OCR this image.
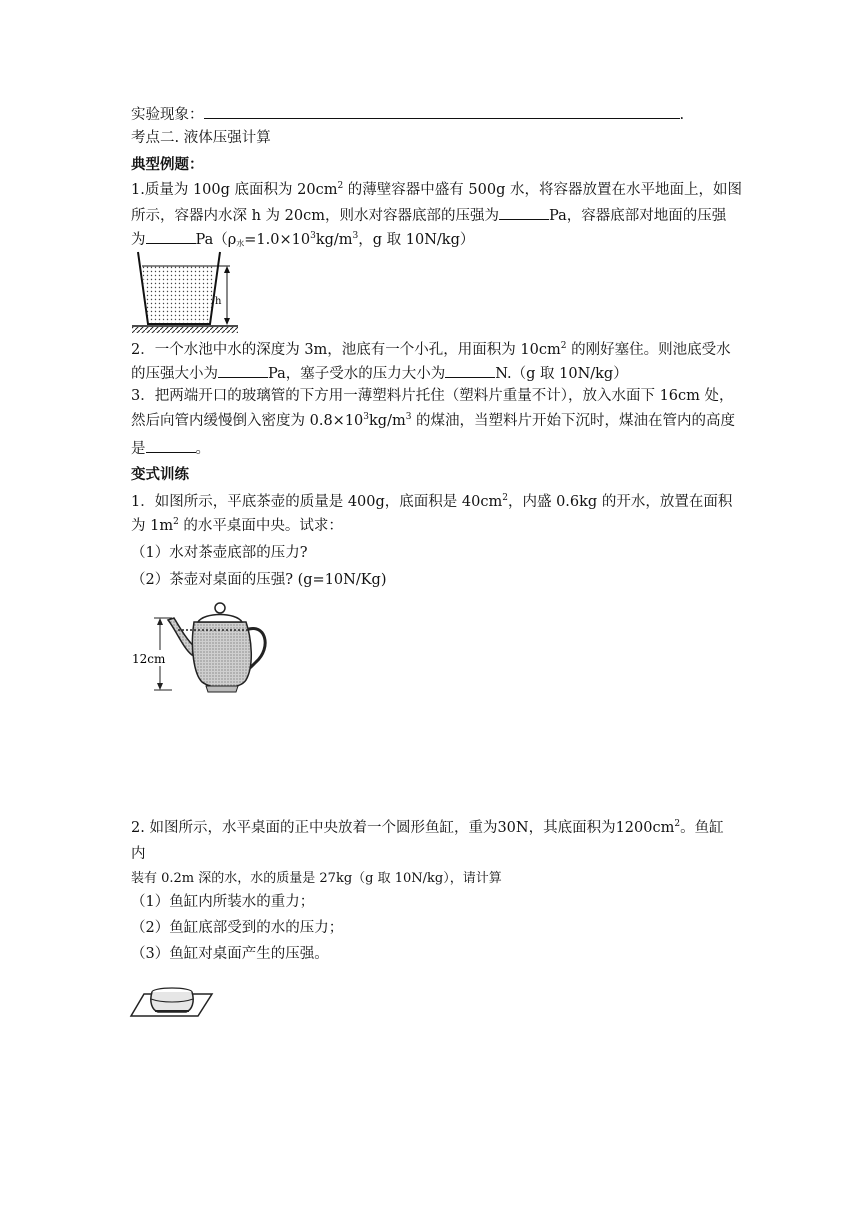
实验现象：	.
考点二. 液体压强计算
典型例题：
1.质量为 100g 底面积为 $20cm^2$ 的薄壁容器中盛有 500g 水，将容器放置在水平地面上，如图
所示，容器内水深 h 为 20cm，则水对容器底部的压强为	Pa，容器底部对地面的压强
为	$Pa(\rho_水=1.0\times 10^3kg/m^3$，g 取 10N/kg）
h
2．一个水池中水的深度为 3m，池底有一个小孔，用面积为 $10cm^2$ 的刚好塞住。则池底受水
的压强大小为	Pa，塞子受水的压力大小为	N.（g 取 10N/kg）
3．把两端开口的玻璃管的下方用一薄塑料片托住（塑料片重量不计），放入水面下 16cm 处，
然后向管内缓慢倒入密度为 $0.8\times 10^3kg/m^3$ 的煤油，当塑料片开始下沉时，煤油在管内的高度
是	。
变式训练
1．如图所示，平底茶壶的质量是 400g，底面积是 $40cm^2$，内盛 0.6kg 的开水，放置在面积
为 $1m^2$ 的水平桌面中央。试求：
（1）水对茶壶底部的压力?
（2）茶壶对桌面的压强? (g=10N/Kg)
12cm
2. 如图所示，水平桌面的正中央放着一个圆形鱼缸，重为30N，其底面积为$1200cm^2$。鱼缸
内
装有 0.2m 深的水，水的质量是 27kg（g 取 10N/kg），请计算
（1）鱼缸内所装水的重力；
（2）鱼缸底部受到的水的压力；
（3）鱼缸对桌面产生的压强。
